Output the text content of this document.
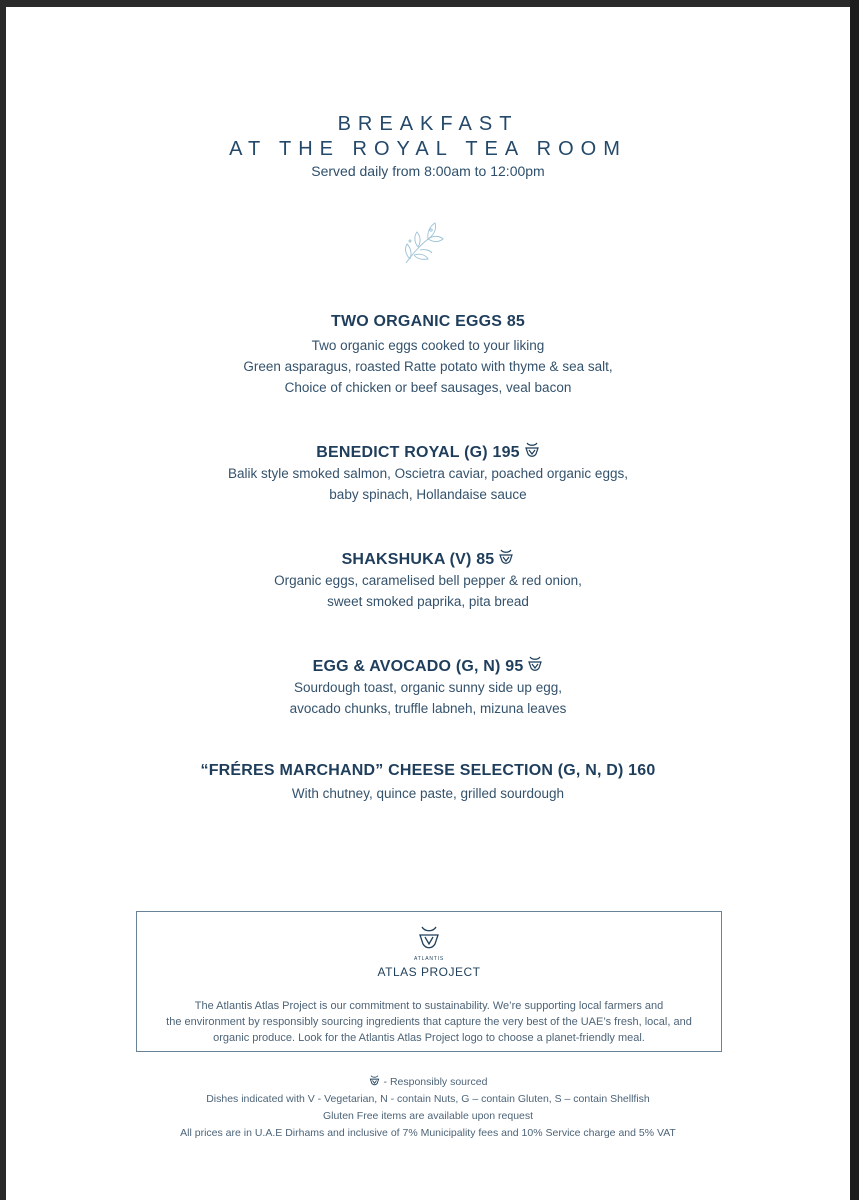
BREAKFAST
AT THE ROYAL TEA ROOM
Served daily from 8:00am to 12:00pm
TWO ORGANIC EGGS 85
Two organic eggs cooked to your liking
Green asparagus, roasted Ratte potato with thyme & sea salt,
Choice of chicken or beef sausages, veal bacon
BENEDICT ROYAL (G) 195
Balik style smoked salmon, Oscietra caviar, poached organic eggs,
baby spinach, Hollandaise sauce
SHAKSHUKA (V) 85
Organic eggs, caramelised bell pepper & red onion,
sweet smoked paprika, pita bread
EGG & AVOCADO (G, N) 95
Sourdough toast, organic sunny side up egg,
avocado chunks, truffle labneh, mizuna leaves
“FRÉRES MARCHAND” CHEESE SELECTION (G, N, D) 160
With chutney, quince paste, grilled sourdough
ATLANTIS
ATLAS PROJECT
The Atlantis Atlas Project is our commitment to sustainability. We’re supporting local farmers and
the environment by responsibly sourcing ingredients that capture the very best of the UAE’s fresh, local, and
organic produce. Look for the Atlantis Atlas Project logo to choose a planet-friendly meal.
- Responsibly sourced
Dishes indicated with V - Vegetarian, N - contain Nuts, G – contain Gluten, S – contain Shellfish
Gluten Free items are available upon request
All prices are in U.A.E Dirhams and inclusive of 7% Municipality fees and 10% Service charge and 5% VAT
